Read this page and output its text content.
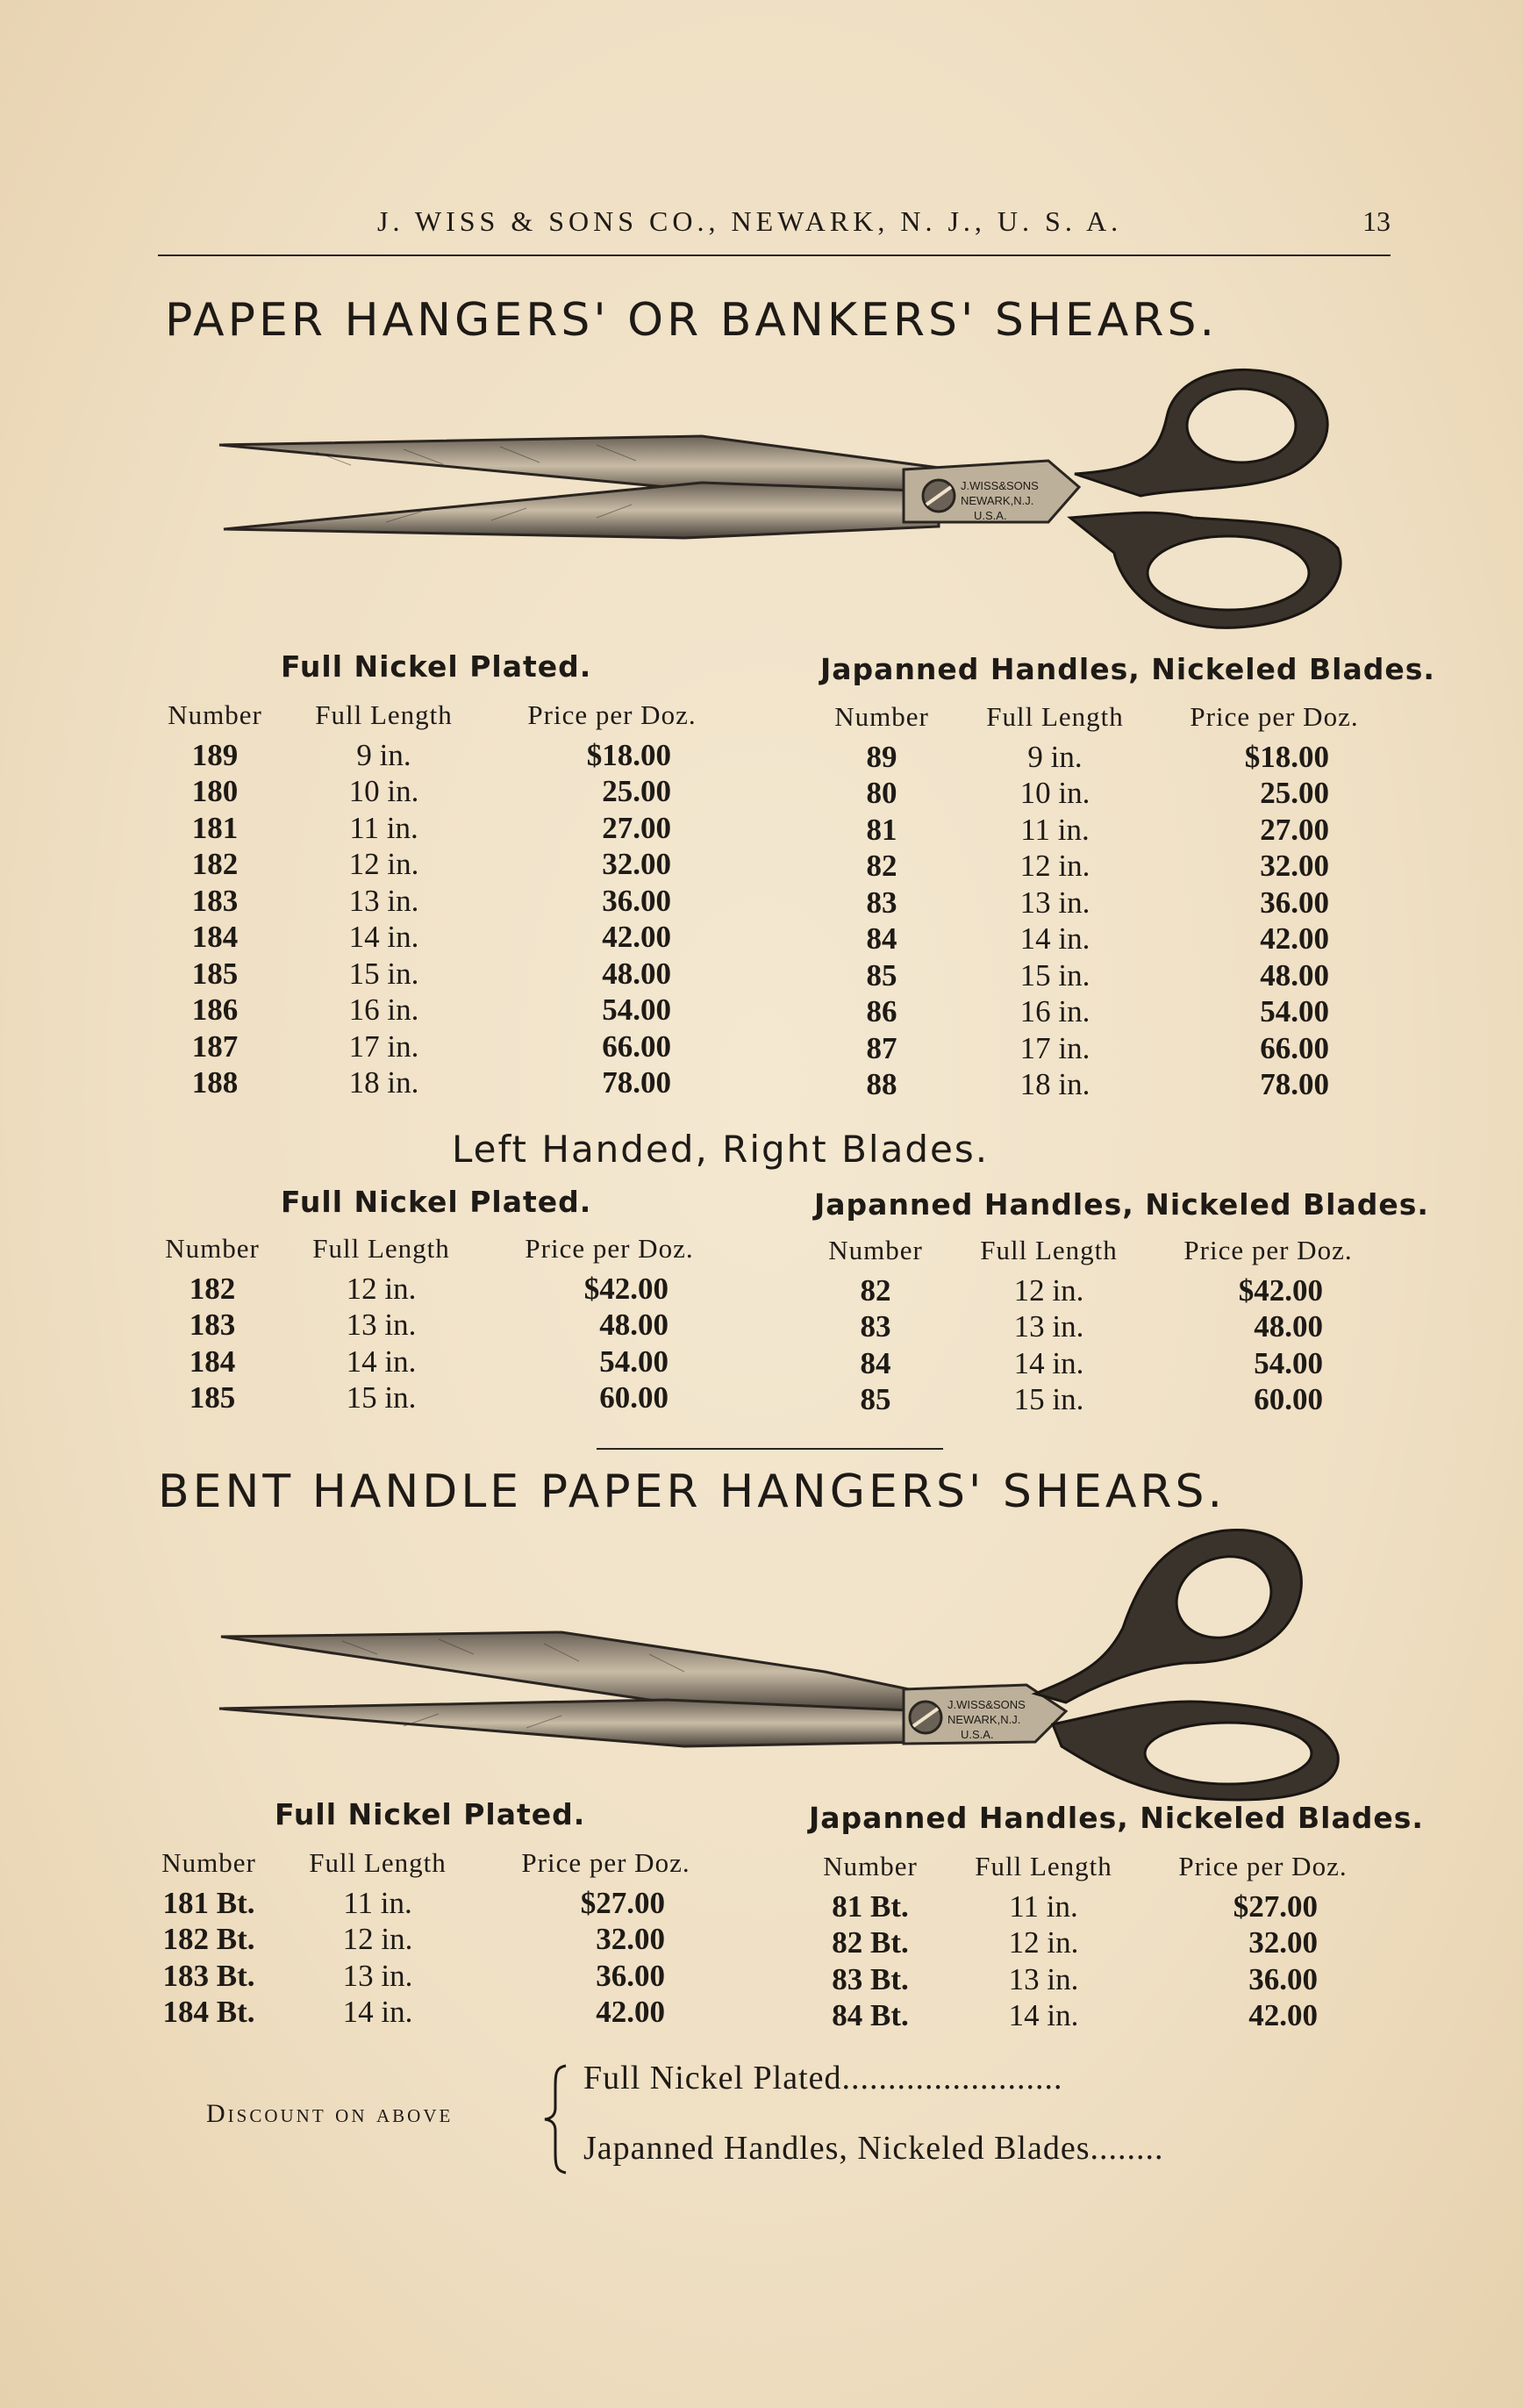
J. WISS & SONS CO., NEWARK, N. J., U. S. A.	13
PAPER HANGERS' OR BANKERS' SHEARS.
J.WISS&SONS
NEWARK,N.J.
U.S.A.
Full Nickel Plated.	Japanned Handles, Nickeled Blades.
Number	Full Length	Price per Doz.
189	9 in.	$18.00
180	10 in.	25.00
181	11 in.	27.00
182	12 in.	32.00
183	13 in.	36.00
184	14 in.	42.00
185	15 in.	48.00
186	16 in.	54.00
187	17 in.	66.00
188	18 in.	78.00
Number	Full Length	Price per Doz.
89	9 in.	$18.00
80	10 in.	25.00
81	11 in.	27.00
82	12 in.	32.00
83	13 in.	36.00
84	14 in.	42.00
85	15 in.	48.00
86	16 in.	54.00
87	17 in.	66.00
88	18 in.	78.00
Left Handed, Right Blades.
Full Nickel Plated.	Japanned Handles, Nickeled Blades.
Number	Full Length	Price per Doz.
182	12 in.	$42.00
183	13 in.	48.00
184	14 in.	54.00
185	15 in.	60.00
Number	Full Length	Price per Doz.
82	12 in.	$42.00
83	13 in.	48.00
84	14 in.	54.00
85	15 in.	60.00
BENT HANDLE PAPER HANGERS' SHEARS.
J.WISS&SONS
NEWARK,N.J.
U.S.A.
Full Nickel Plated.	Japanned Handles, Nickeled Blades.
Number	Full Length	Price per Doz.
181 Bt.	11 in.	$27.00
182 Bt.	12 in.	32.00
183 Bt.	13 in.	36.00
184 Bt.	14 in.	42.00
Number	Full Length	Price per Doz.
81 Bt.	11 in.	$27.00
82 Bt.	12 in.	32.00
83 Bt.	13 in.	36.00
84 Bt.	14 in.	42.00
Discount on above
Full Nickel Plated........................
Japanned Handles, Nickeled Blades........
